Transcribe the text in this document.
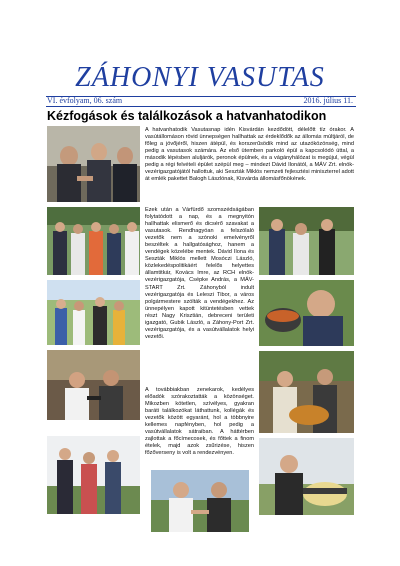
ZÁHONYI VASUTAS
VI. évfolyam, 06. szám	2016. július 11.
Kézfogások és találkozások a hatvanhatodikon

A hatvanhatodik Vasutasnap idén Kisvárdán kezdődött, délelőtt tíz órakor. A vasútállomáson rövid ünnepségen hallhattak az érdeklődők az állomás múltjáról, de főleg a jövőjéről, hiszen átépül, és korszerűsödik mind az utazóközönség, mind pedig a vasutasok számára. Az első ütemben parkoló épül a kapcsolódó úttal, a második lépésben aluljárók, peronok épülnek, és a vágányhálózat is megújul, végül pedig a régi felvételi épület szépül meg – mindezt Dávid Ilonától, a MÁV Zrt. elnök-vezérigazgatójától hallottuk, aki Seszták Miklós nemzeti fejlesztési miniszterrel adott át emlék pakettet Balogh Lászlónak, Kisvárda állomásfőnökének.

Ezek után a Várfürdő szomszédságában folytatódott a nap, és a megnyitón hallhattak elismerő és dicsérő szavakat a vasutasok. Rendhagyóan a felszólaló vezetők nem a szónoki emelvényről beszéltek a hallgatósághoz, hanem a vendégek közelébe mentek. Dávid Ilona és Seszták Miklós mellett Mosóczi László, közlekedéspolitikáért felelős helyettes államtitkár, Kovács Imre, az RCH elnök-vezérigazgatója, Csépke András, a MÁV-START Zrt. Záhonyból indult vezérigazgatója és Leleszi Tibor, a város polgármestere szólták a vendégekhez. Az ünnepélyen kapott kitüntetésben vettek részt Nagy Krisztián, debreceni területi igazgató, Gubik László, a Záhony-Port Zrt. vezérigazgatója, és a vasútvállalatok helyi vezetői.

A továbbiakban zenekarok, kedélyes előadók szórakoztatták a közönséget. Mikozben kötetlen, szívélyes, gyakran baráti találkozókat láthattunk, kollégák és vezetők között egyaránt, hol a többnyire kellemes napfényben, hol pedig a vasútvállalatok sátraiban. A háttérben zajlottak a főcímecosek, és főttek a finom ételek, majd azok zsűrizése, hiszen főzőverseny is volt a rendezvényen.
